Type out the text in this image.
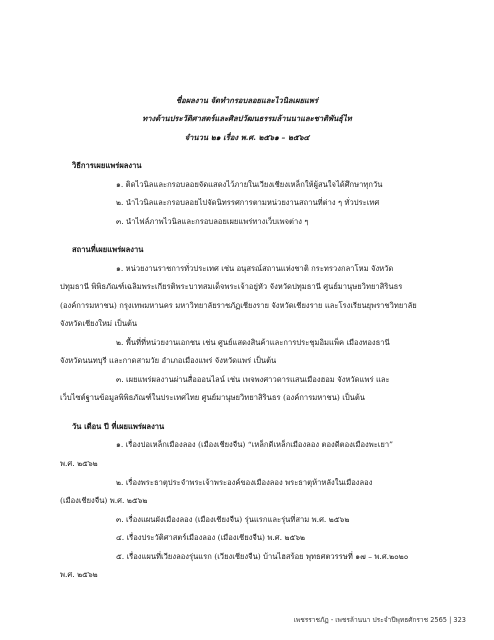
ชื่อผลงาน จัดทำกรอบลอยและไวนิลเผยแพร่
ทางด้านประวัติศาสตร์และศิลปวัฒนธรรมล้านนาและชาติพันธุ์ไท
จำนวน ๒๑ เรื่อง พ.ศ. ๒๕๖๑ – ๒๕๖๔
วิธีการเผยแพร่ผลงาน
๑. ติดไวนิลและกรอบลอยจัดแสดงไว้ภายในเวียงเชียงเหล็กให้ผู้สนใจได้ศึกษาทุกวัน
๒. นำไวนิลและกรอบลอยไปจัดนิทรรศการตามหน่วยงานสถานที่ต่าง ๆ ทั่วประเทศ
๓. นำไฟล์ภาพไวนิลและกรอบลอยเผยแพร่ทางเว็บเพจต่าง ๆ
สถานที่เผยแพร่ผลงาน
๑. หน่วยงานราชการทั่วประเทศ เช่น อนุสรณ์สถานแห่งชาติ กระทรวงกลาโหม จังหวัด
ปทุมธานี พิพิธภัณฑ์เฉลิมพระเกียรติพระบาทสมเด็จพระเจ้าอยู่หัว จังหวัดปทุมธานี ศูนย์มานุษยวิทยาสิรินธร
(องค์การมหาชน) กรุงเทพมหานคร มหาวิทยาลัยราชภัฏเชียงราย จังหวัดเชียงราย และโรงเรียนยุพราชวิทยาลัย
จังหวัดเชียงใหม่ เป็นต้น
๒. พื้นที่ที่หน่วยงานเอกชน เช่น ศูนย์แสดงสินค้าและการประชุมอิมแพ็ค เมืองทองธานี
จังหวัดนนทบุรี และกาดสามวัย อำเภอเมืองแพร่ จังหวัดแพร่ เป็นต้น
๓. เผยแพร่ผลงานผ่านสื่อออนไลน์ เช่น เพจพงศาวดารแสนเมืองฮอม จังหวัดแพร่ และ
เว็บไซต์ฐานข้อมูลพิพิธภัณฑ์ในประเทศไทย ศูนย์มานุษยวิทยาสิรินธร (องค์การมหาชน) เป็นต้น
วัน เดือน ปี ที่เผยแพร่ผลงาน
๑. เรื่องปอเหล็กเมืองลอง (เมืองเชียงจืน) “เหล็กดีเหล็กเมืองลอง ตองดีตองเมืองพะเยา”
พ.ศ. ๒๕๖๒
๒. เรื่องพระธาตุประจำพระเจ้าพระองค์ของเมืองลอง พระธาตุห้าหลังในเมืองลอง
(เมืองเชียงจืน) พ.ศ. ๒๕๖๒
๓. เรื่องแผนผังเมืองลอง (เมืองเชียงจืน) รุ่นแรกและรุ่นที่สาม พ.ศ. ๒๕๖๒
๔. เรื่องประวัติศาสตร์เมืองลอง (เมืองเชียงจืน) พ.ศ. ๒๕๖๒
๕. เรื่องแผนที่เวียงลองรุ่นแรก (เวียงเชียงจืน) บ้านไฮสร้อย พุทธศตวรรษที่ ๑๗ – พ.ศ.๒๐๒๐
พ.ศ. ๒๕๖๒
เพชรราชภัฏ - เพชรล้านนา ประจำปีพุทธศักราช 2565 | 323
